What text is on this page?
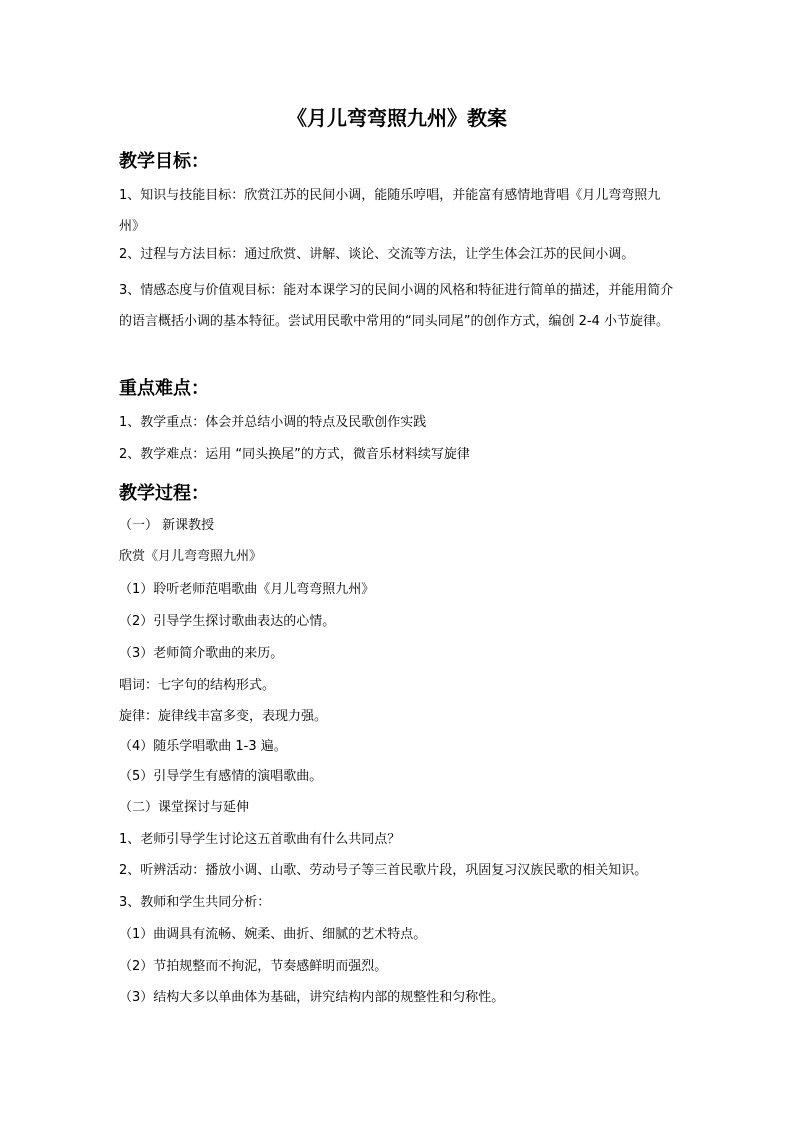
《月儿弯弯照九州》教案
教学目标：

1、知识与技能目标：欣赏江苏的民间小调，能随乐哼唱，并能富有感情地背唱《月儿弯弯照九州》

2、过程与方法目标：通过欣赏、讲解、谈论、交流等方法，让学生体会江苏的民间小调。

3、情感态度与价值观目标：能对本课学习的民间小调的风格和特征进行简单的描述，并能用简介的语言概括小调的基本特征。尝试用民歌中常用的“同头同尾”的创作方式，编创 2-4 小节旋律。

重点难点：

1、教学重点：体会并总结小调的特点及民歌创作实践

2、教学难点：运用 “同头换尾”的方式，微音乐材料续写旋律

教学过程：

（一） 新课教授

欣赏《月儿弯弯照九州》

（1）聆听老师范唱歌曲《月儿弯弯照九州》

（2）引导学生探讨歌曲表达的心情。

（3）老师简介歌曲的来历。

唱词：七字句的结构形式。

旋律：旋律线丰富多变，表现力强。

（4）随乐学唱歌曲 1-3 遍。

（5）引导学生有感情的演唱歌曲。

（二）课堂探讨与延伸

1、老师引导学生讨论这五首歌曲有什么共同点？

2、听辨活动：播放小调、山歌、劳动号子等三首民歌片段，巩固复习汉族民歌的相关知识。

3、教师和学生共同分析：

（1）曲调具有流畅、婉柔、曲折、细腻的艺术特点。

（2）节拍规整而不拘泥，节奏感鲜明而强烈。

（3）结构大多以单曲体为基础，讲究结构内部的规整性和匀称性。
